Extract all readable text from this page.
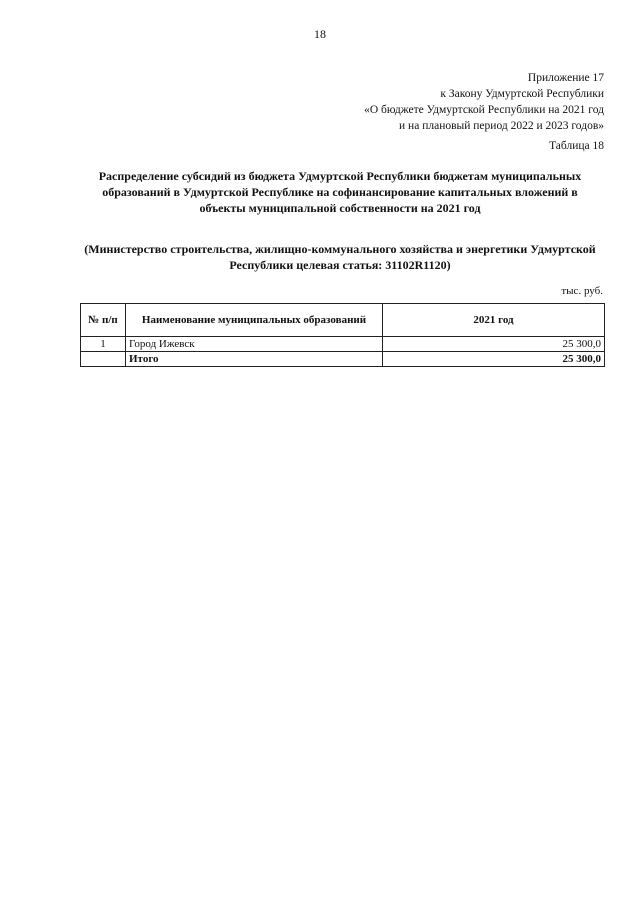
18
Приложение 17
к Закону Удмуртской Республики
«О бюджете Удмуртской Республики на 2021 год
и на плановый период 2022 и 2023 годов»
Таблица 18
Распределение субсидий из бюджета Удмуртской Республики бюджетам муниципальных образований в Удмуртской Республике на софинансирование капитальных вложений в объекты муниципальной собственности на 2021 год
(Министерство строительства, жилищно-коммунального хозяйства и энергетики Удмуртской Республики целевая статья: 31102R1120)
тыс. руб.
№ п/п	Наименование муниципальных образований	2021 год
1	Город Ижевск	25 300,0
	Итого	25 300,0
